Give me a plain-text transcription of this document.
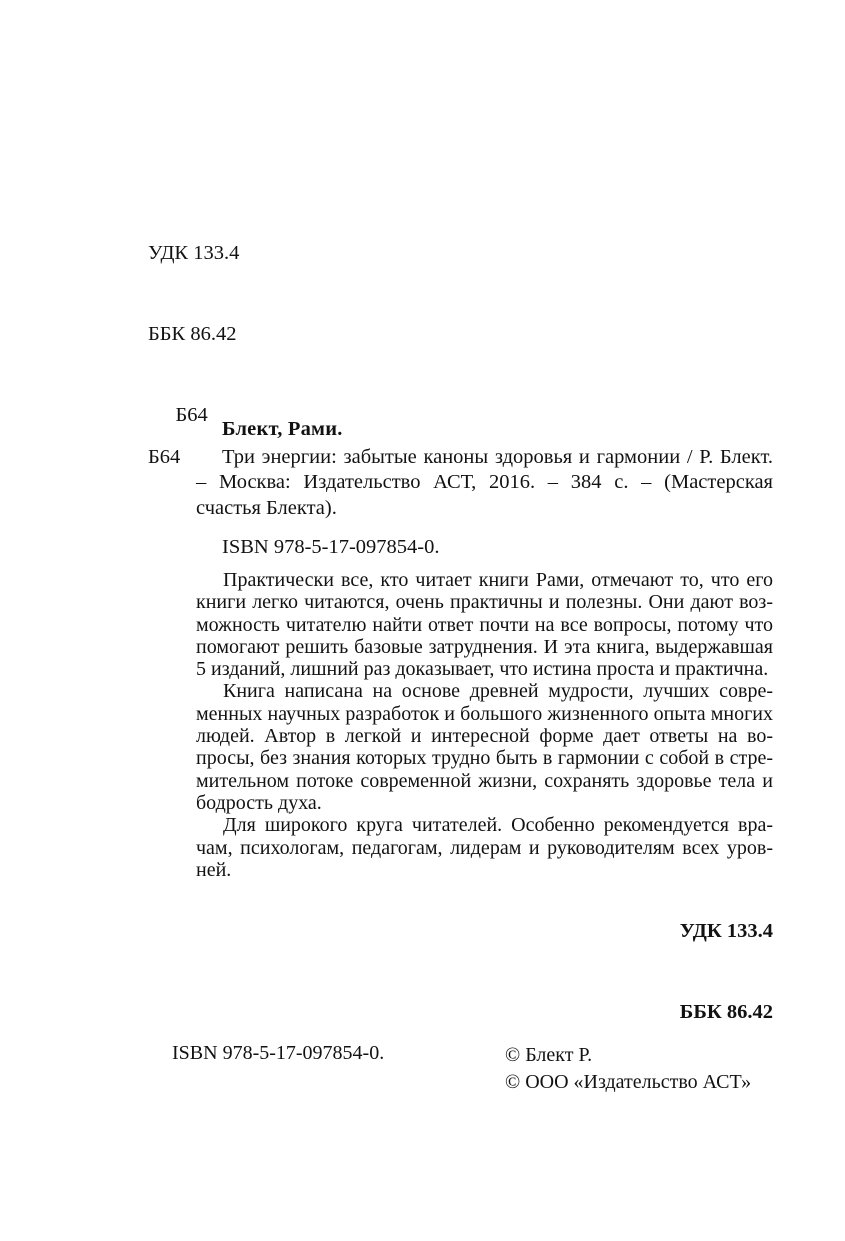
УДК 133.4

ББК 86.42

Б64

Блект, Рами.
Б64	Три энергии: забытые каноны здоровья и гармонии / Р. Блект. – Москва: Издательство АСТ, 2016. – 384 с. – (Мастерская счастья Блекта).
ISBN 978-5-17-097854-0.

Практически все, кто читает книги Рами, отмечают то, что его книги легко читаются, очень практичны и полезны. Они дают возможность читателю найти ответ почти на все вопросы, потому что помогают решить базовые затруднения. И эта книга, выдержавшая 5 изданий, лишний раз доказывает, что истина проста и практична.

Книга написана на основе древней мудрости, лучших современных научных разработок и большого жизненного опыта многих людей. Автор в легкой и интересной форме дает ответы на вопросы, без знания которых трудно быть в гармонии с собой в стремительном потоке современной жизни, сохранять здоровье тела и бодрость духа.

Для широкого круга читателей. Особенно рекомендуется врачам, психологам, педагогам, лидерам и руководителям всех уровней.

УДК 133.4

ББК 86.42

ISBN 978-5-17-097854-0.	© Блект Р.
© ООО «Издательство АСТ»
